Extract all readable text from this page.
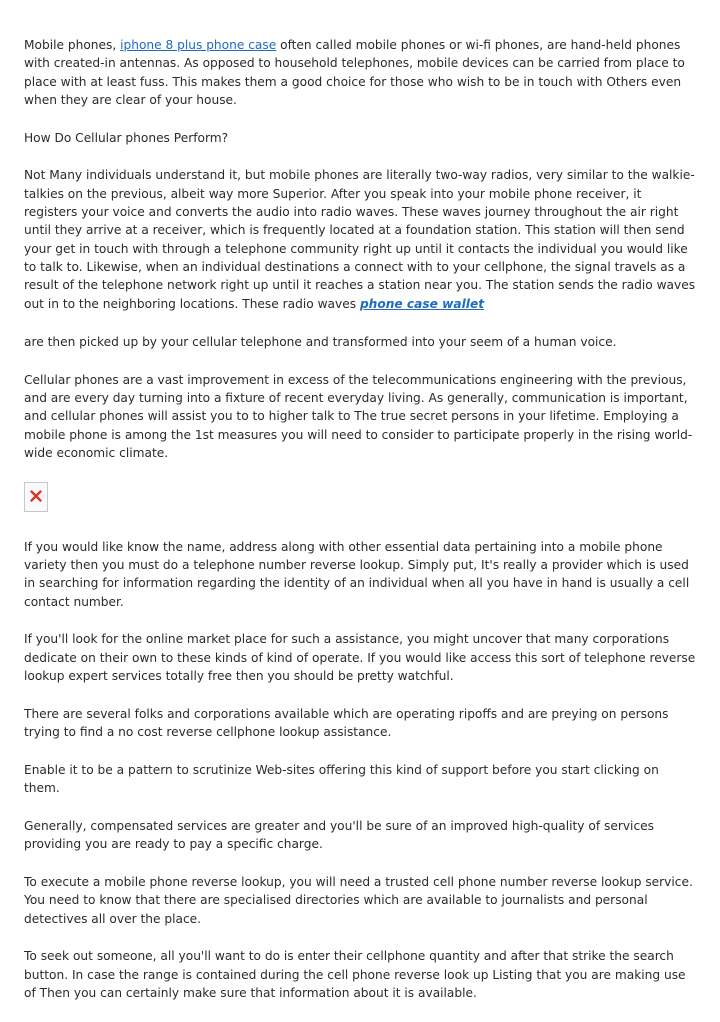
Mobile phones, iphone 8 plus phone case often called mobile phones or wi-fi phones, are hand-held phones with created-in antennas. As opposed to household telephones, mobile devices can be carried from place to place with at least fuss. This makes them a good choice for those who wish to be in touch with Others even when they are clear of your house.

How Do Cellular phones Perform?

Not Many individuals understand it, but mobile phones are literally two-way radios, very similar to the walkie-talkies on the previous, albeit way more Superior. After you speak into your mobile phone receiver, it registers your voice and converts the audio into radio waves. These waves journey throughout the air right until they arrive at a receiver, which is frequently located at a foundation station. This station will then send your get in touch with through a telephone community right up until it contacts the individual you would like to talk to. Likewise, when an individual destinations a connect with to your cellphone, the signal travels as a result of the telephone network right up until it reaches a station near you. The station sends the radio waves out in to the neighboring locations. These radio waves phone case wallet

are then picked up by your cellular telephone and transformed into your seem of a human voice.

Cellular phones are a vast improvement in excess of the telecommunications engineering with the previous, and are every day turning into a fixture of recent everyday living. As generally, communication is important, and cellular phones will assist you to to higher talk to The true secret persons in your lifetime. Employing a mobile phone is among the 1st measures you will need to consider to participate properly in the rising world-wide economic climate.

If you would like know the name, address along with other essential data pertaining into a mobile phone variety then you must do a telephone number reverse lookup. Simply put, It's really a provider which is used in searching for information regarding the identity of an individual when all you have in hand is usually a cell contact number.

If you'll look for the online market place for such a assistance, you might uncover that many corporations dedicate on their own to these kinds of kind of operate. If you would like access this sort of telephone reverse lookup expert services totally free then you should be pretty watchful.

There are several folks and corporations available which are operating ripoffs and are preying on persons trying to find a no cost reverse cellphone lookup assistance.

Enable it to be a pattern to scrutinize Web-sites offering this kind of support before you start clicking on them.

Generally, compensated services are greater and you'll be sure of an improved high-quality of services providing you are ready to pay a specific charge.

To execute a mobile phone reverse lookup, you will need a trusted cell phone number reverse lookup service. You need to know that there are specialised directories which are available to journalists and personal detectives all over the place.

To seek out someone, all you'll want to do is enter their cellphone quantity and after that strike the search button. In case the range is contained during the cell phone reverse look up Listing that you are making use of Then you can certainly make sure that information about it is available.
